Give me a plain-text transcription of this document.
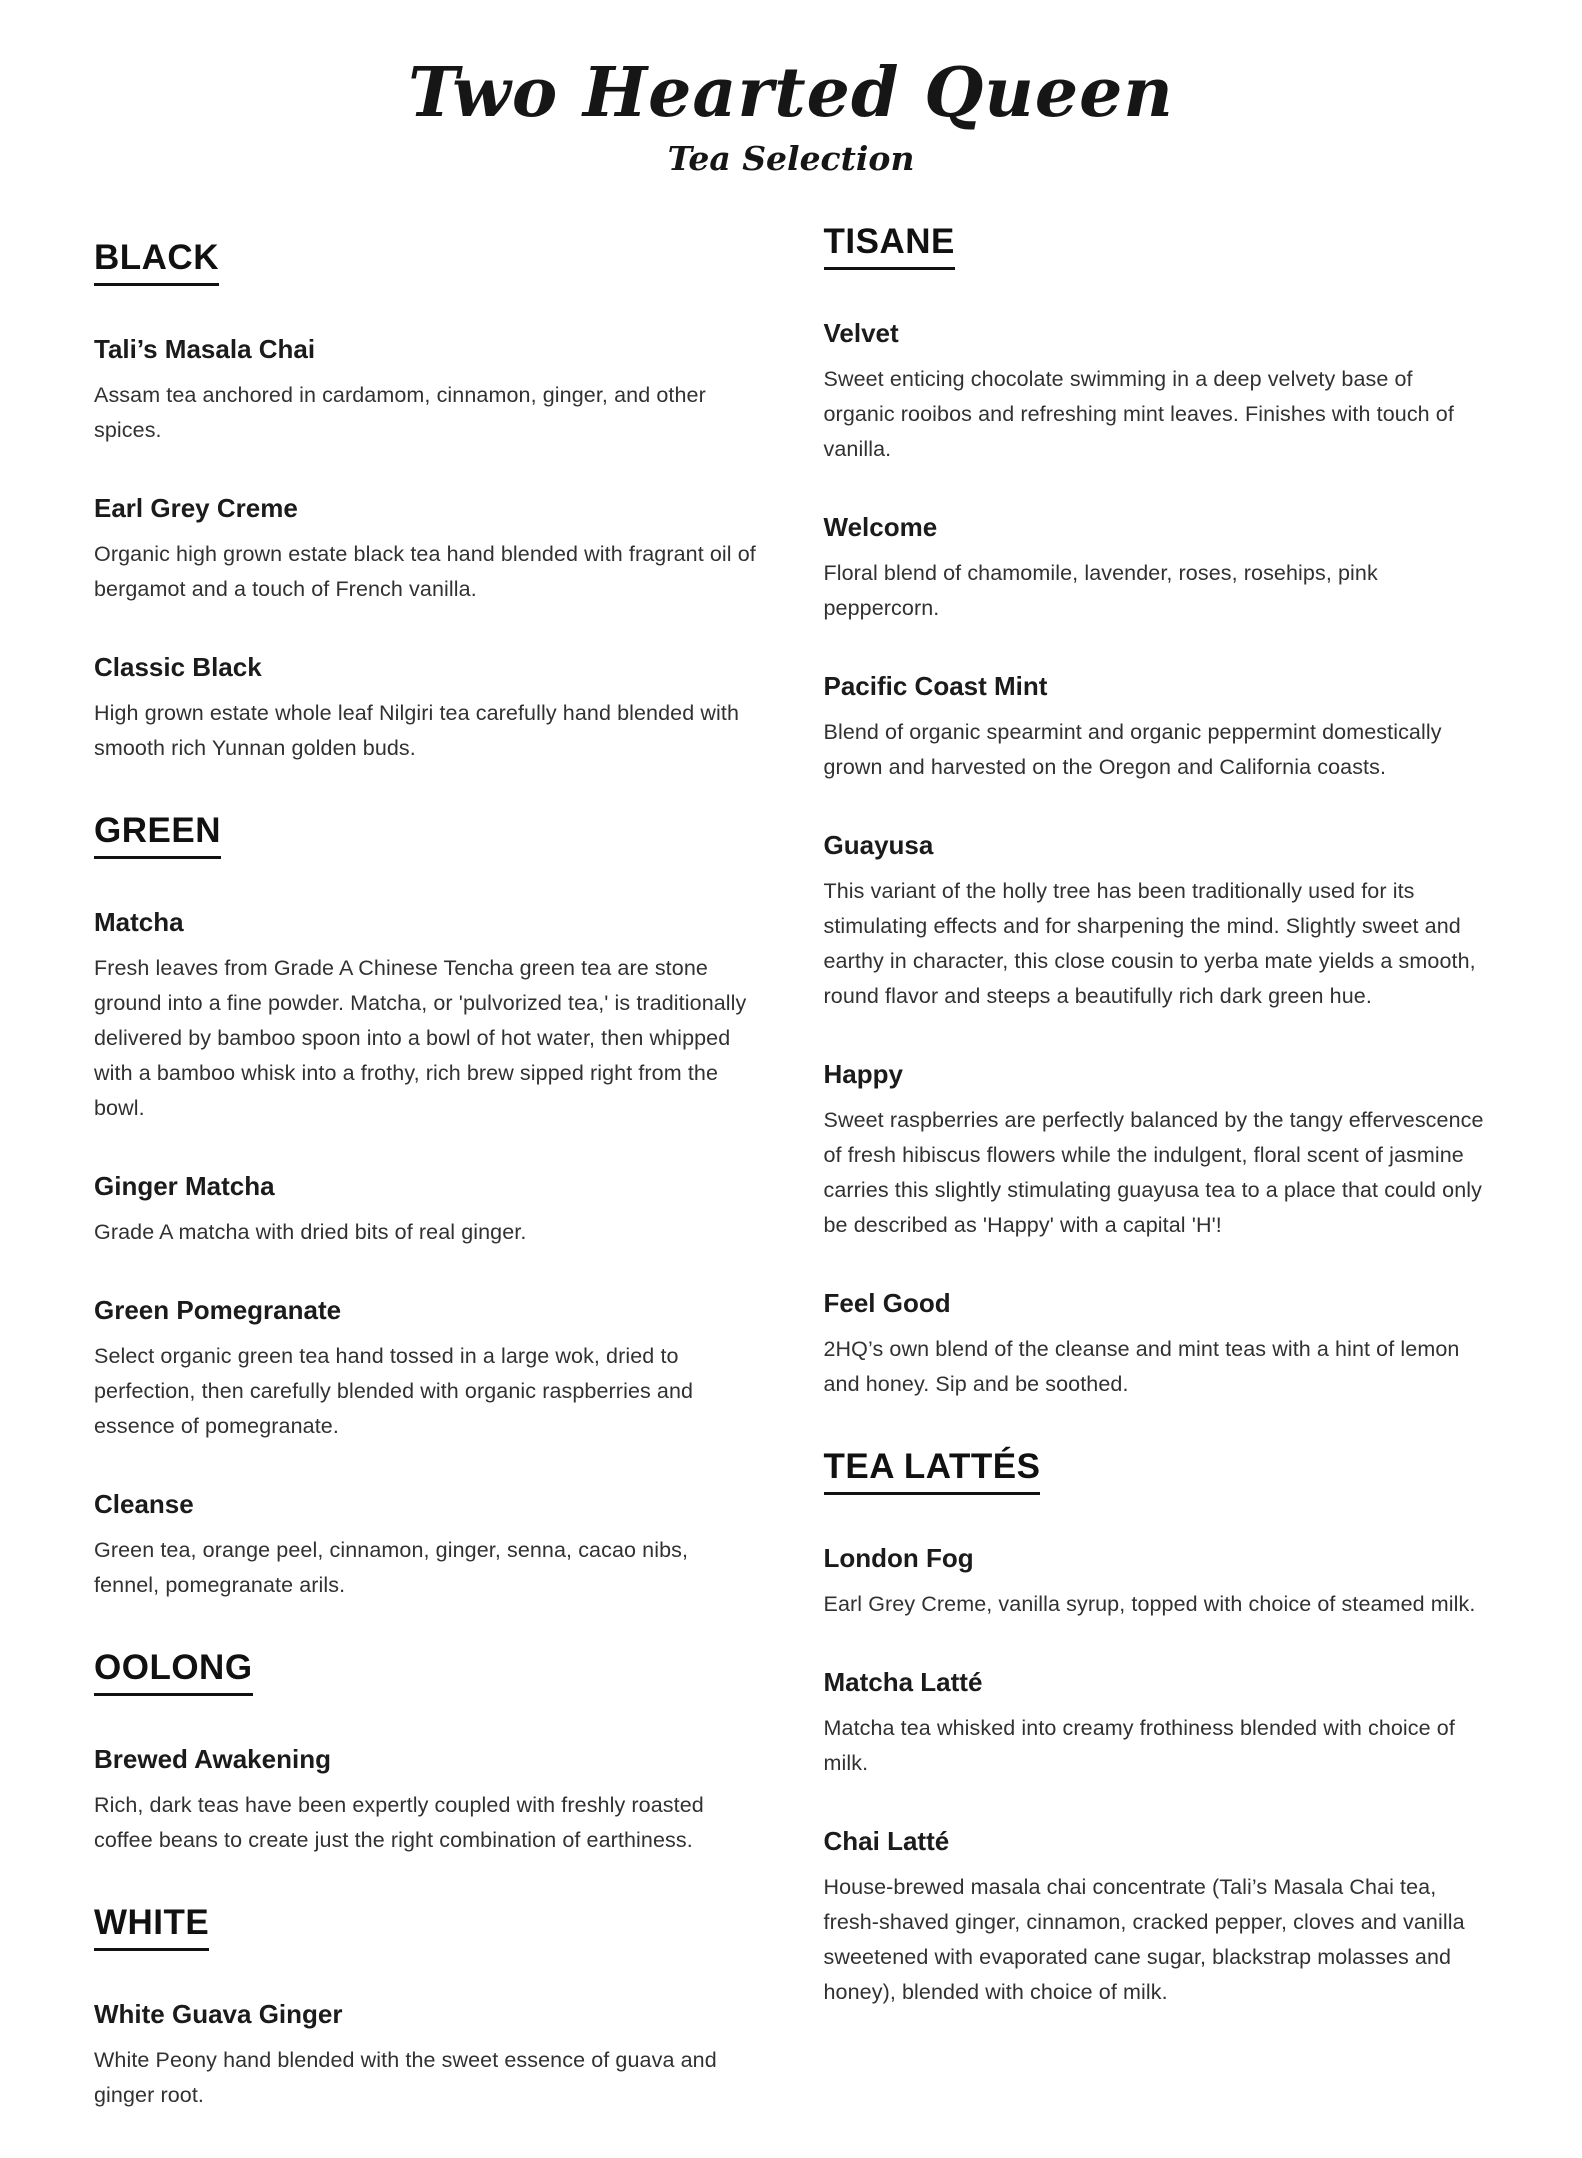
Two Hearted Queen
Tea Selection
BLACK
Tali’s Masala Chai

Assam tea anchored in cardamom, cinnamon, ginger, and other spices.

Earl Grey Creme

Organic high grown estate black tea hand blended with fragrant oil of bergamot and a touch of French vanilla.

Classic Black

High grown estate whole leaf Nilgiri tea carefully hand blended with smooth rich Yunnan golden buds.

GREEN
Matcha

Fresh leaves from Grade A Chinese Tencha green tea are stone ground into a fine powder. Matcha, or 'pulvorized tea,' is traditionally delivered by bamboo spoon into a bowl of hot water, then whipped with a bamboo whisk into a frothy, rich brew sipped right from the bowl.

Ginger Matcha

Grade A matcha with dried bits of real ginger.

Green Pomegranate

Select organic green tea hand tossed in a large wok, dried to perfection, then carefully blended with organic raspberries and essence of pomegranate.

Cleanse

Green tea, orange peel, cinnamon, ginger, senna, cacao nibs, fennel, pomegranate arils.

OOLONG
Brewed Awakening

Rich, dark teas have been expertly coupled with freshly roasted coffee beans to create just the right combination of earthiness.

WHITE
White Guava Ginger

White Peony hand blended with the sweet essence of guava and ginger root.

TISANE
Velvet

Sweet enticing chocolate swimming in a deep velvety base of organic rooibos and refreshing mint leaves. Finishes with touch of vanilla.

Welcome

Floral blend of chamomile, lavender, roses, rosehips, pink peppercorn.

Pacific Coast Mint

Blend of organic spearmint and organic peppermint domestically grown and harvested on the Oregon and California coasts.

Guayusa

This variant of the holly tree has been traditionally used for its stimulating effects and for sharpening the mind. Slightly sweet and earthy in character, this close cousin to yerba mate yields a smooth, round flavor and steeps a beautifully rich dark green hue.

Happy

Sweet raspberries are perfectly balanced by the tangy effervescence of fresh hibiscus flowers while the indulgent, floral scent of jasmine carries this slightly stimulating guayusa tea to a place that could only be described as 'Happy' with a capital 'H'!

Feel Good

2HQ’s own blend of the cleanse and mint teas with a hint of lemon and honey. Sip and be soothed.

TEA LATTÉS
London Fog

Earl Grey Creme, vanilla syrup, topped with choice of steamed milk.

Matcha Latté

Matcha tea whisked into creamy frothiness blended with choice of milk.

Chai Latté

House-brewed masala chai concentrate (Tali’s Masala Chai tea, fresh-shaved ginger, cinnamon, cracked pepper, cloves and vanilla sweetened with evaporated cane sugar, blackstrap molasses and honey), blended with choice of milk.
